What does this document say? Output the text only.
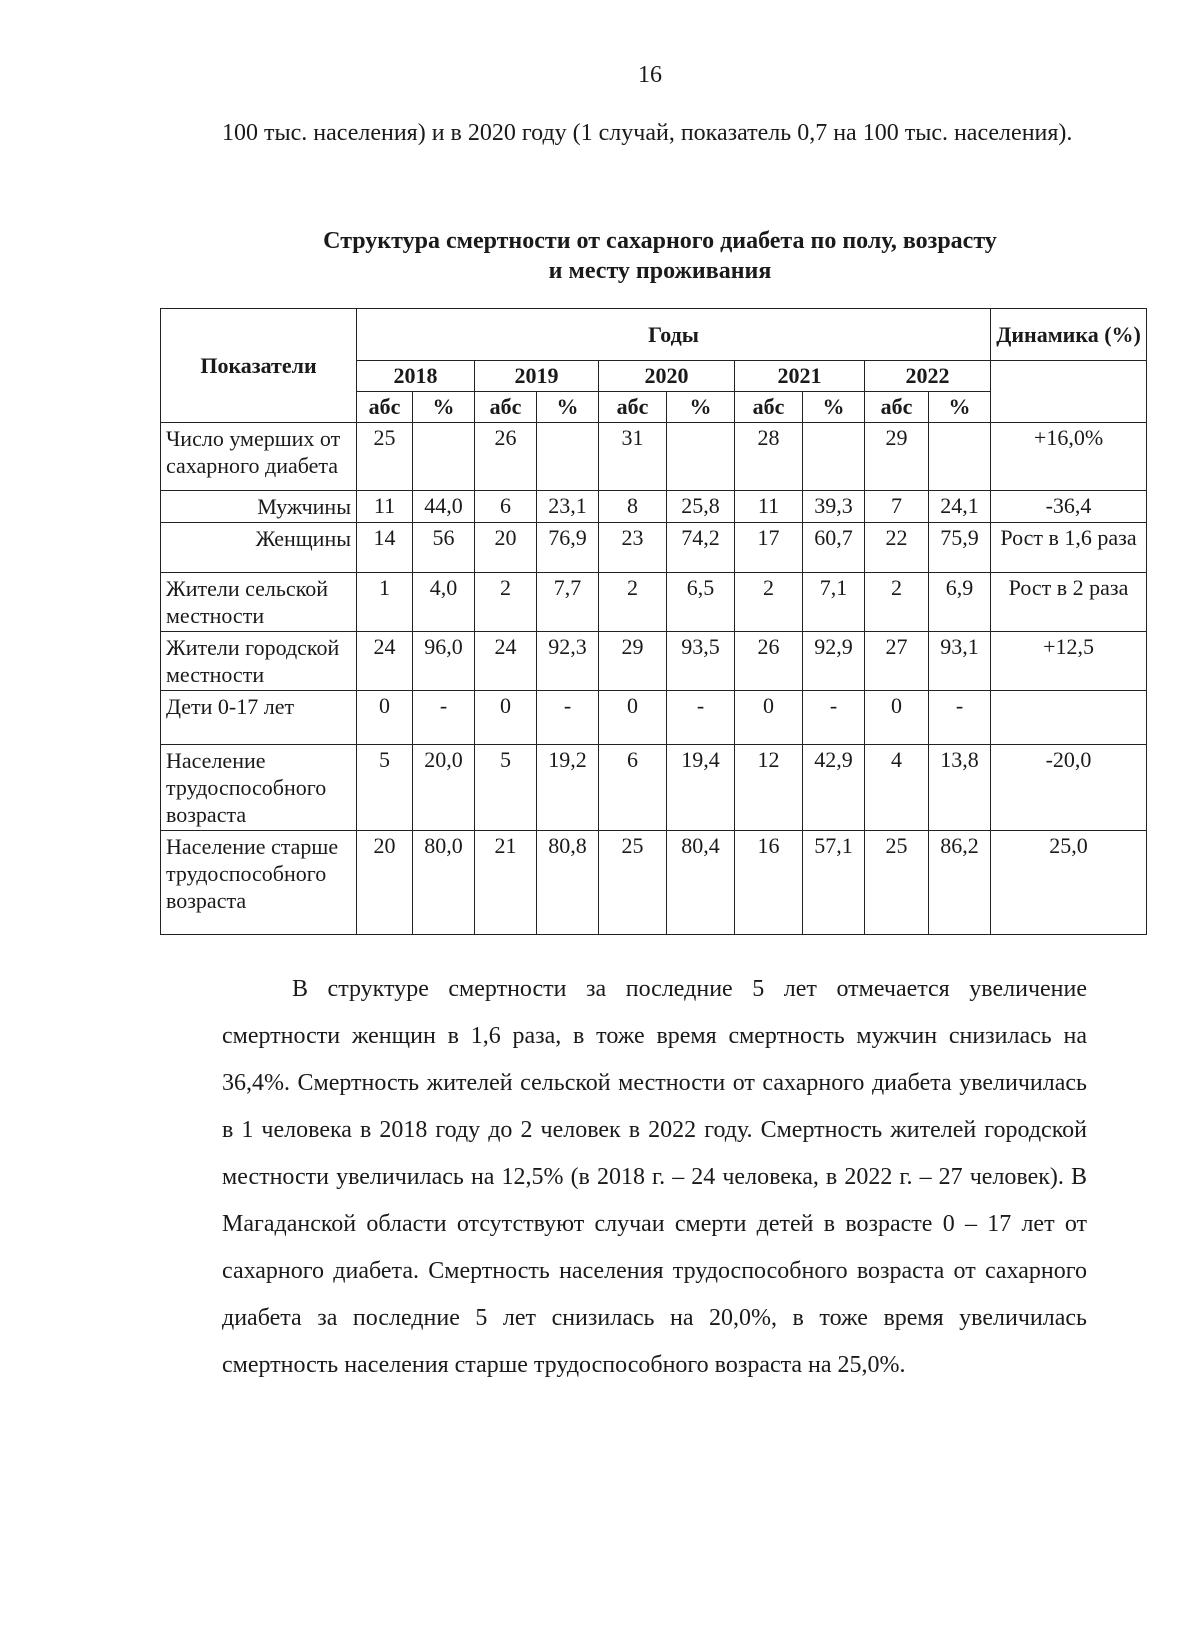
16

100 тыс. населения) и в 2020 году (1 случай, показатель 0,7 на 100 тыс. населения).

Структура смертности от сахарного диабета по полу, возрасту
и месту проживания
Показатели	Годы										Динамика (%)
	2018		2019		2020		2021		2022		
	абс	%	абс	%	абс	%	абс	%	абс	%	
Число умерших от сахарного диабета	25		26		31		28		29		+16,0%
Мужчины	11	44,0	6	23,1	8	25,8	11	39,3	7	24,1	-36,4
Женщины	14	56	20	76,9	23	74,2	17	60,7	22	75,9	Рост в 1,6 раза
Жители сельской местности	1	4,0	2	7,7	2	6,5	2	7,1	2	6,9	Рост в 2 раза
Жители городской местности	24	96,0	24	92,3	29	93,5	26	92,9	27	93,1	+12,5
Дети 0-17 лет	0	-	0	-	0	-	0	-	0	-	
Население трудоспособного возраста	5	20,0	5	19,2	6	19,4	12	42,9	4	13,8	-20,0
Население старше трудоспособного возраста	20	80,0	21	80,8	25	80,4	16	57,1	25	86,2	25,0

В структуре смертности за последние 5 лет отмечается увеличение смертности женщин в 1,6 раза, в тоже время смертность мужчин снизилась на 36,4%. Смертность жителей сельской местности от сахарного диабета увеличилась в 1 человека в 2018 году до 2 человек в 2022 году. Смертность жителей городской местности увеличилась на 12,5% (в 2018 г. – 24 человека, в 2022 г. – 27 человек). В Магаданской области отсутствуют случаи смерти детей в возрасте 0 – 17 лет от сахарного диабета. Смертность населения трудоспособного возраста от сахарного диабета за последние 5 лет снизилась на 20,0%, в тоже время увеличилась смертность населения старше трудоспособного возраста на 25,0%.
